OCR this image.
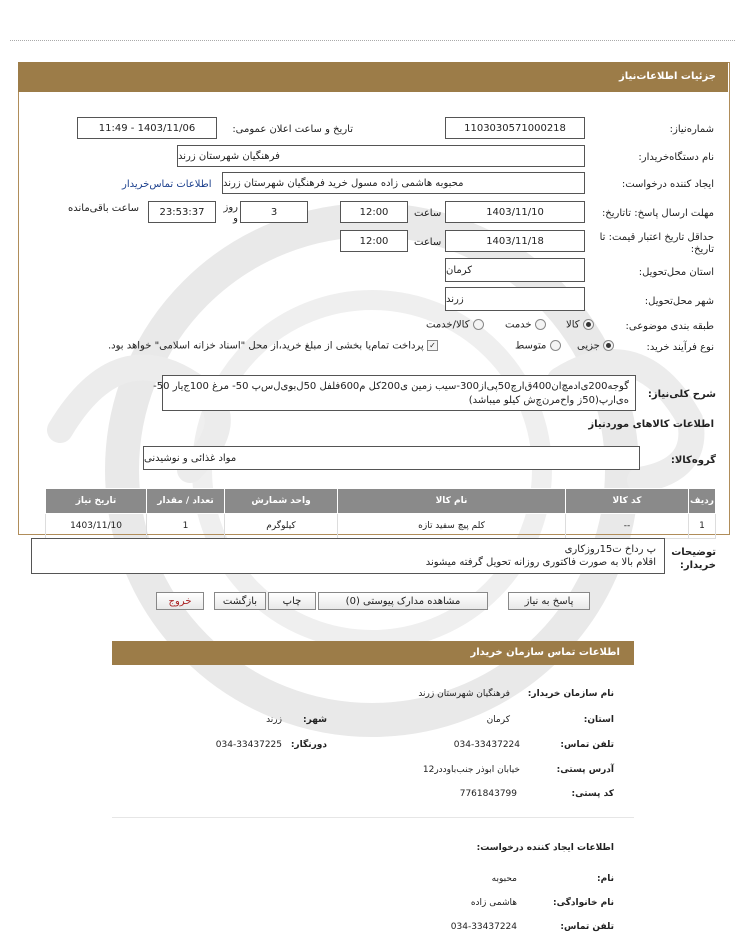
جزئیات اطلاعات‌نیاز
شماره‌نیاز:
1103030571000218
تاریخ و ساعت اعلان عمومی:
1403/11/06 - 11:49
نام دستگاه‌خریدار:
فرهنگیان شهرستان زرند
ایجاد کننده درخواست:
محبوبه هاشمی زاده مسول خرید فرهنگیان شهرستان زرند
اطلاعات تماس‌خریدار
مهلت ارسال پاسخ: تاتاریخ:
1403/11/10
ساعت
12:00
3
روز و
23:53:37
ساعت باقی‌مانده
حداقل تاریخ اعتبار قیمت: تا تاریخ:
1403/11/18
ساعت
12:00
استان محل‌تحویل:
کرمان
شهر محل‌تحویل:
زرند
طبقه بندی موضوعی:
کالا
خدمت
کالا/خدمت
نوع فرآیند خرید:
جزیی
متوسط
✓ پرداخت تمام‌یا بخشی از مبلغ خرید،از محل "اسناد خزانه اسلامی" خواهد بود.
شرح کلی‌نیاز:
گوجه200ی‌ادمچ‌ان400ق‌ارچ50پی‌از300-سیب زمین ی200کل م600فلفل 50ل‌بوی‌ل‌س‌پ 50- مرغ 100ج‌یار 50-
ه‌ی‌ارپ(50ز واح‌مر‌ن‌چ‌ش کیلو میباشد)
اطلاعات کالاهای موردنیاز
گروه‌کالا:
مواد غذائی و نوشیدنی
ردیف	کد کالا	نام کالا	واحد شمارش	تعداد / مقدار	تاریخ نیاز
1	--	کلم پیچ سفید تازه	کیلوگرم	1	1403/11/10
توضیحات خریدار:
پ‌ رداخ ت15روزکاری
اقلام بالا به صورت فاکتوری روزانه تحویل گرفته میشوند
پاسخ به نیاز
مشاهده مدارک پیوستی (0)
چاپ
بازگشت
خروج
اطلاعات تماس سازمان خریدار
نام سازمان خریدار:
فرهنگیان شهرستان زرند
استان:
کرمان
شهر:
زرند
تلفن تماس:
034-33437224
دورنگار:
034-33437225
آدرس پستی:
خیابان ابوذر جنب‌باوددر12
کد پستی:
7761843799
اطلاعات ایجاد کننده درخواست:
نام:
محبوبه
نام خانوادگی:
هاشمی زاده
تلفن تماس:
034-33437224
